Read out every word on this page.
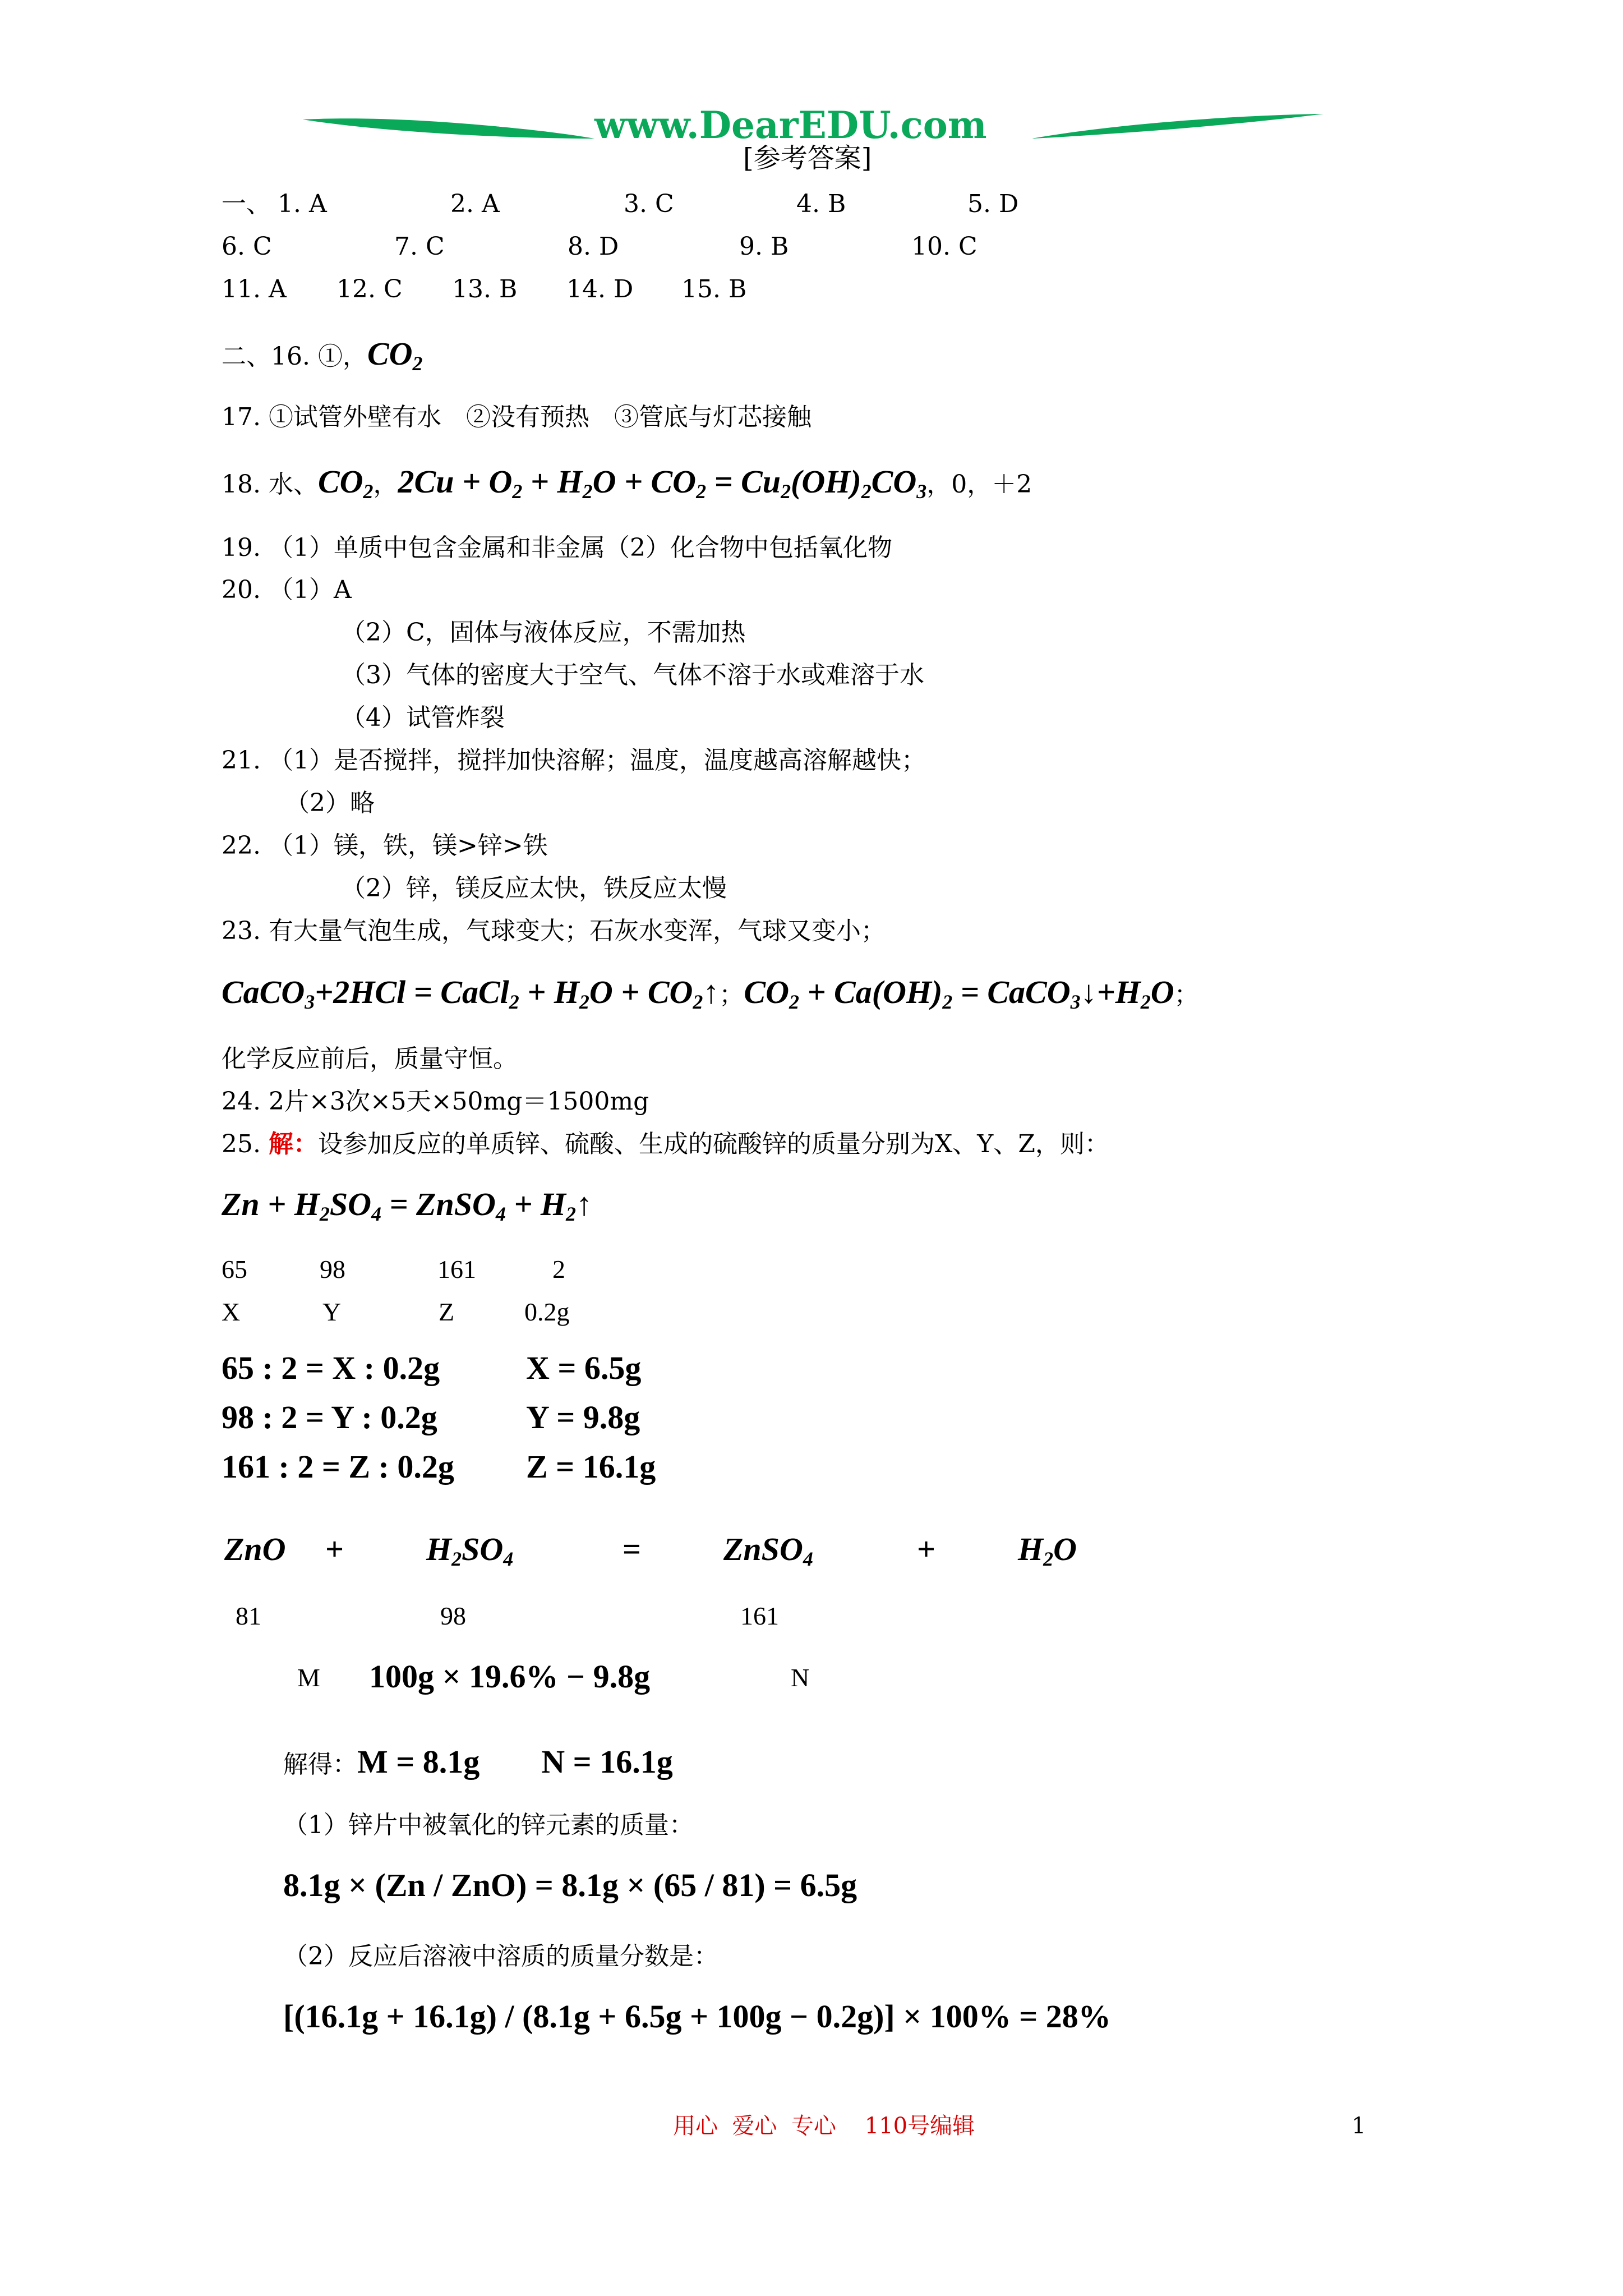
www.DearEDU.com
[参考答案]
一、 1. A	2. A	3. C	4. B	5. D
6. C	7. C	8. D	9. B	10. C
11. A 12. C 13. B 14. D 15. B
二、16. ①，$CO_2$
17. ①试管外壁有水　②没有预热　③管底与灯芯接触
18. 水、$CO_2$，$2Cu + O_2 + H_2O + CO_2 = Cu_2(OH)_2CO_3$，0，＋2
19. （1）单质中包含金属和非金属（2）化合物中包括氧化物
20. （1）A
（2）C，固体与液体反应，不需加热
（3）气体的密度大于空气、气体不溶于水或难溶于水
（4）试管炸裂
21. （1）是否搅拌，搅拌加快溶解；温度，温度越高溶解越快；
（2）略
22. （1）镁，铁，镁>锌>铁
（2）锌，镁反应太快，铁反应太慢
23. 有大量气泡生成，气球变大；石灰水变浑，气球又变小；
CaCO$_3$+2HCl = CaCl$_2$ + $H_2O$ + $CO_2↑$；$CO_2 + Ca(OH)_2$ = $CaCO_3↓+H_2O$；
化学反应前后，质量守恒。
24. 2片×3次×5天×50mg＝1500mg
25. 解：设参加反应的单质锌、硫酸、生成的硫酸锌的质量分别为X、Y、Z，则：
$Zn + H_2SO_4$ = ZnSO$_4$ + $H_2↑$
65	98	161	2
X	Y	Z	0.2g
65 : 2 = X : 0.2g	X = 6.5g
98 : 2 = Y : 0.2g	Y = 9.8g
161 : 2 = Z : 0.2g Z = 16.1g
ZnO +	$H_2SO_4$	=	ZnSO$_4$	+	$H_2O$
81	98	161
M 100g × 19.6% − 9.8g	N
解得：M = 8.1g N = 16.1g
（1）锌片中被氧化的锌元素的质量：
8.1g × (Zn / ZnO) = 8.1g × (65 / 81) = 6.5g
（2）反应后溶液中溶质的质量分数是：
[(16.1g + 16.1g) / (8.1g + 6.5g + 100g − 0.2g)] × 100% = 28%
用心  爱心  专心    110号编辑	1
